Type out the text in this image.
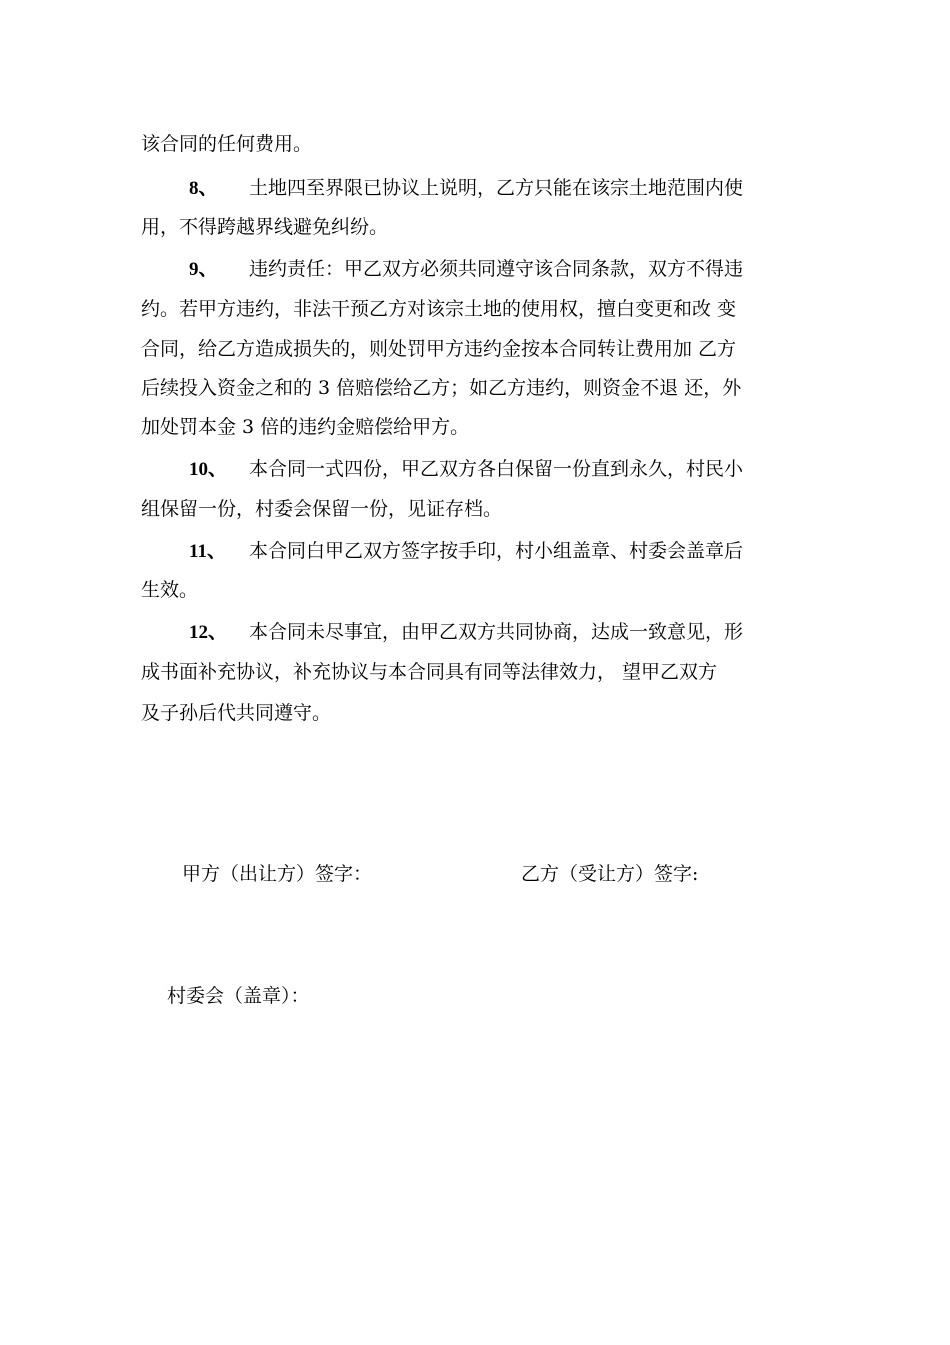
该合同的任何费用。
8、 土地四至界限已协议上说明，乙方只能在该宗土地范围内使
用，不得跨越界线避免纠纷。
9、 违约责任：甲乙双方必须共同遵守该合同条款，双方不得违
约。若甲方违约，非法干预乙方对该宗土地的使用权，擅白变更和改 变
合同，给乙方造成损失的，则处罚甲方违约金按本合同转让费用加 乙方
后续投入资金之和的 3 倍赔偿给乙方；如乙方违约，则资金不退 还，外
加处罚本金 3 倍的违约金赔偿给甲方。
10、 本合同一式四份，甲乙双方各白保留一份直到永久，村民小
组保留一份，村委会保留一份，见证存档。
11、 本合同白甲乙双方签字按手印，村小组盖章、村委会盖章后
生效。
12、 本合同未尽事宜，由甲乙双方共同协商，达成一致意见，形
成书面补充协议，补充协议与本合同具有同等法律效力， 望甲乙双方
及子孙后代共同遵守。
甲方（出让方）签字：	乙方（受让方）签字:
村委会（盖章）：
